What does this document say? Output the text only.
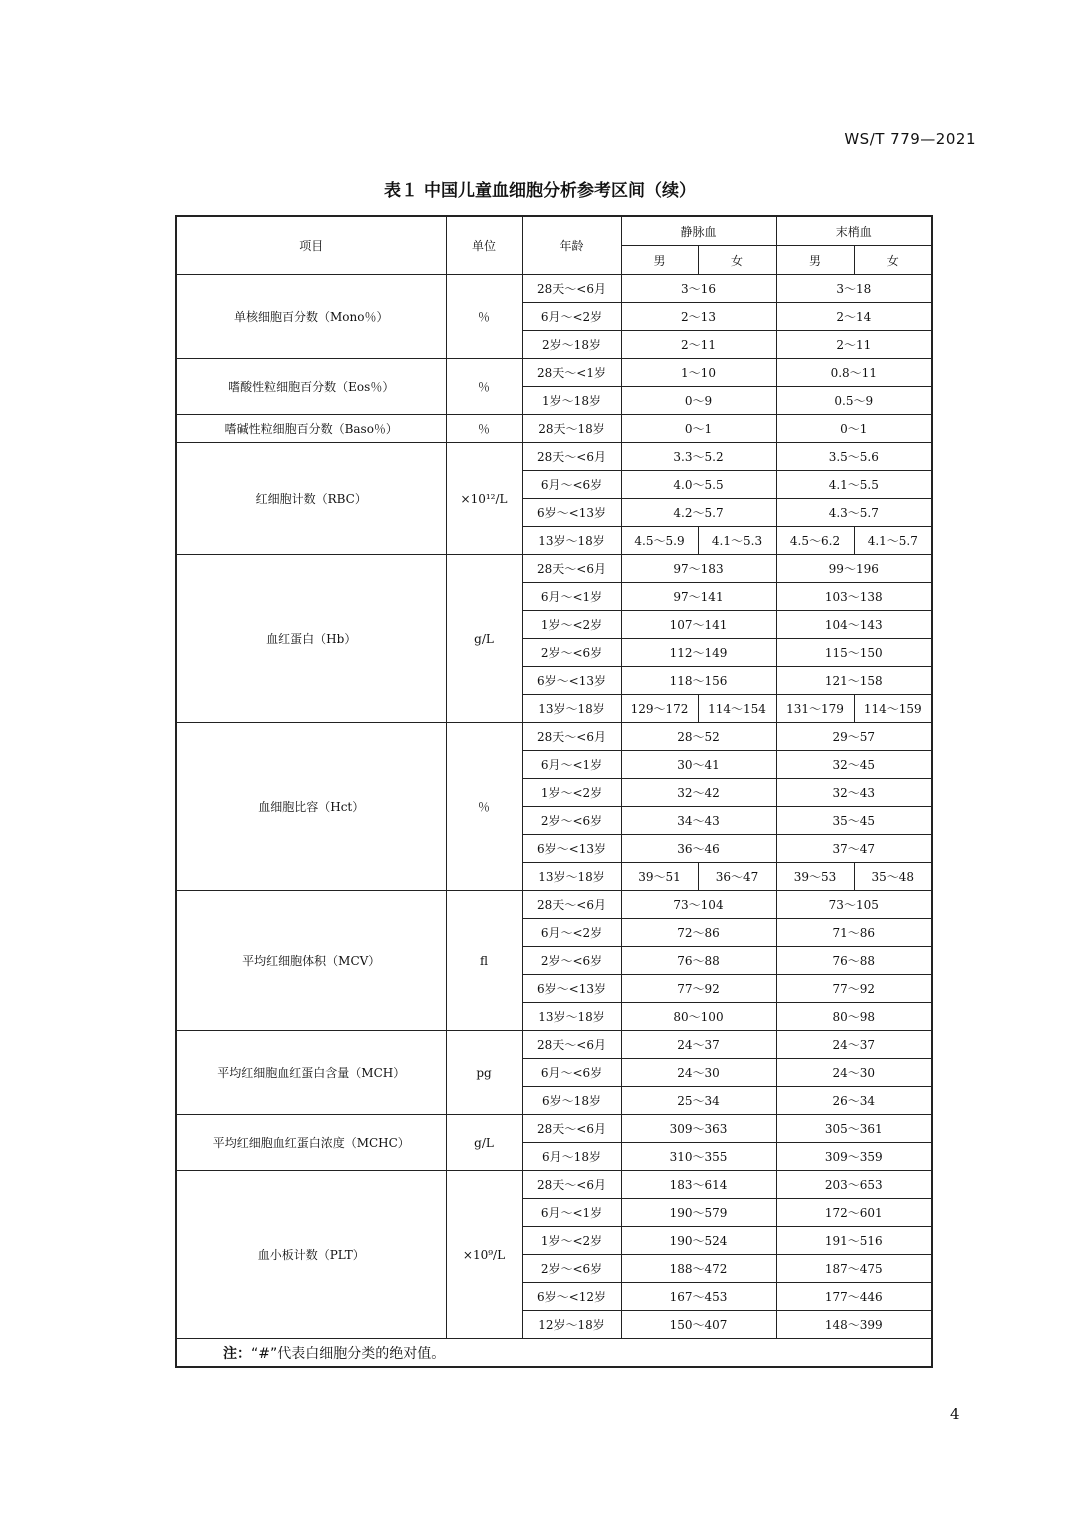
WS/T 779—2021
表１ 中国儿童血细胞分析参考区间（续）
项目	单位	年龄	静脉血		末梢血	
			男	女	男	女
单核细胞百分数（Mono％）	％	28天～<6月	3～16		3～18	
		6月～<2岁	2～13		2～14	
		2岁～18岁	2～11		2～11	
嗜酸性粒细胞百分数（Eos％）	％	28天～<1岁	1～10		0.8～11	
		1岁～18岁	0～9		0.5～9	
嗜碱性粒细胞百分数（Baso％）	％	28天～18岁	0～1		0～1	
红细胞计数（RBC）	×10¹²/L	28天～<6月	3.3～5.2		3.5～5.6	
		6月～<6岁	4.0～5.5		4.1～5.5	
		6岁～<13岁	4.2～5.7		4.3～5.7	
		13岁～18岁	4.5～5.9	4.1～5.3	4.5～6.2	4.1～5.7
血红蛋白（Hb）	g/L	28天～<6月	97～183		99～196	
		6月～<1岁	97～141		103～138	
		1岁～<2岁	107～141		104～143	
		2岁～<6岁	112～149		115～150	
		6岁～<13岁	118～156		121～158	
		13岁～18岁	129～172	114～154	131～179	114～159
血细胞比容（Hct）	％	28天～<6月	28～52		29～57	
		6月～<1岁	30～41		32～45	
		1岁～<2岁	32～42		32～43	
		2岁～<6岁	34～43		35～45	
		6岁～<13岁	36～46		37～47	
		13岁～18岁	39～51	36～47	39～53	35～48
平均红细胞体积（MCV）	fl	28天～<6月	73～104		73～105	
		6月～<2岁	72～86		71～86	
		2岁～<6岁	76～88		76～88	
		6岁～<13岁	77～92		77～92	
		13岁～18岁	80～100		80～98	
平均红细胞血红蛋白含量（MCH）	pg	28天～<6月	24～37		24～37	
		6月～<6岁	24～30		24～30	
		6岁～18岁	25～34		26～34	
平均红细胞血红蛋白浓度（MCHC）	g/L	28天～<6月	309～363		305～361	
		6月～18岁	310～355		309～359	
血小板计数（PLT）	×10⁹/L	28天～<6月	183～614		203～653	
		6月～<1岁	190～579		172～601	
		1岁～<2岁	190～524		191～516	
		2岁～<6岁	188～472		187～475	
		6岁～<12岁	167～453		177～446	
		12岁～18岁	150～407		148～399	
注：“#”代表白细胞分类的绝对值。						
4
